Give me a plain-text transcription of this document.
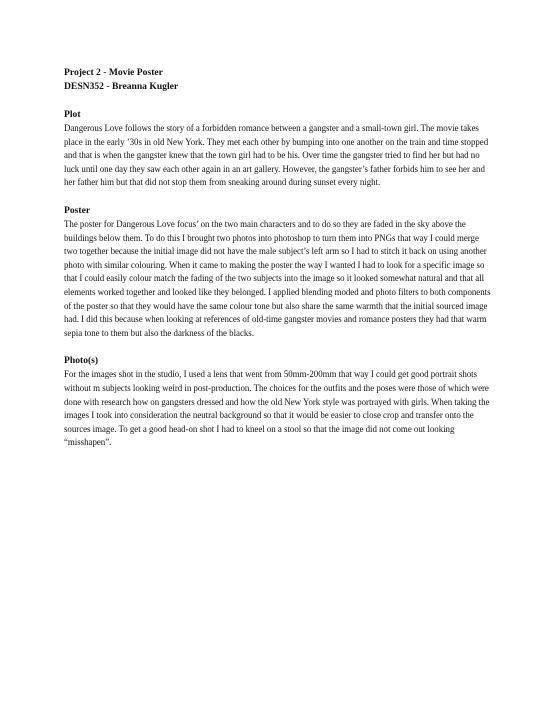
Project 2 - Movie Poster

DESN352 - Breanna Kugler

Plot

Dangerous Love follows the story of a forbidden romance between a gangster and a small-town girl. The movie takes place in the early ’30s in old New York. They met each other by bumping into one another on the train and time stopped and that is when the gangster knew that the town girl had to be his. Over time the gangster tried to find her but had no luck until one day they saw each other again in an art gallery. However, the gangster’s father forbids him to see her and her father him but that did not stop them from sneaking around during sunset every night.

Poster

The poster for Dangerous Love focus’ on the two main characters and to do so they are faded in the sky above the buildings below them. To do this I brought two photos into photoshop to turn them into PNGs that way I could merge two together because the initial image did not have the male subject’s left arm so I had to stitch it back on using another photo with similar colouring. When it came to making the poster the way I wanted I had to look for a specific image so that I could easily colour match the fading of the two subjects into the image so it looked somewhat natural and that all elements worked together and looked like they belonged. I applied blending moded and photo filters to both components of the poster so that they would have the same colour tone but also share the same warmth that the initial sourced image had. I did this because when looking at references of old-time gangster movies and romance posters they had that warm sepia tone to them but also the darkness of the blacks.

Photo(s)

For the images shot in the studio, I used a lens that went from 50mm-200mm that way I could get good portrait shots without m subjects looking weird in post-production. The choices for the outfits and the poses were those of which were done with research how on gangsters dressed and how the old New York style was portrayed with girls. When taking the images I took into consideration the neutral background so that it would be easier to close crop and transfer onto the sources image. To get a good head-on shot I had to kneel on a stool so that the image did not come out looking “misshapen”.
